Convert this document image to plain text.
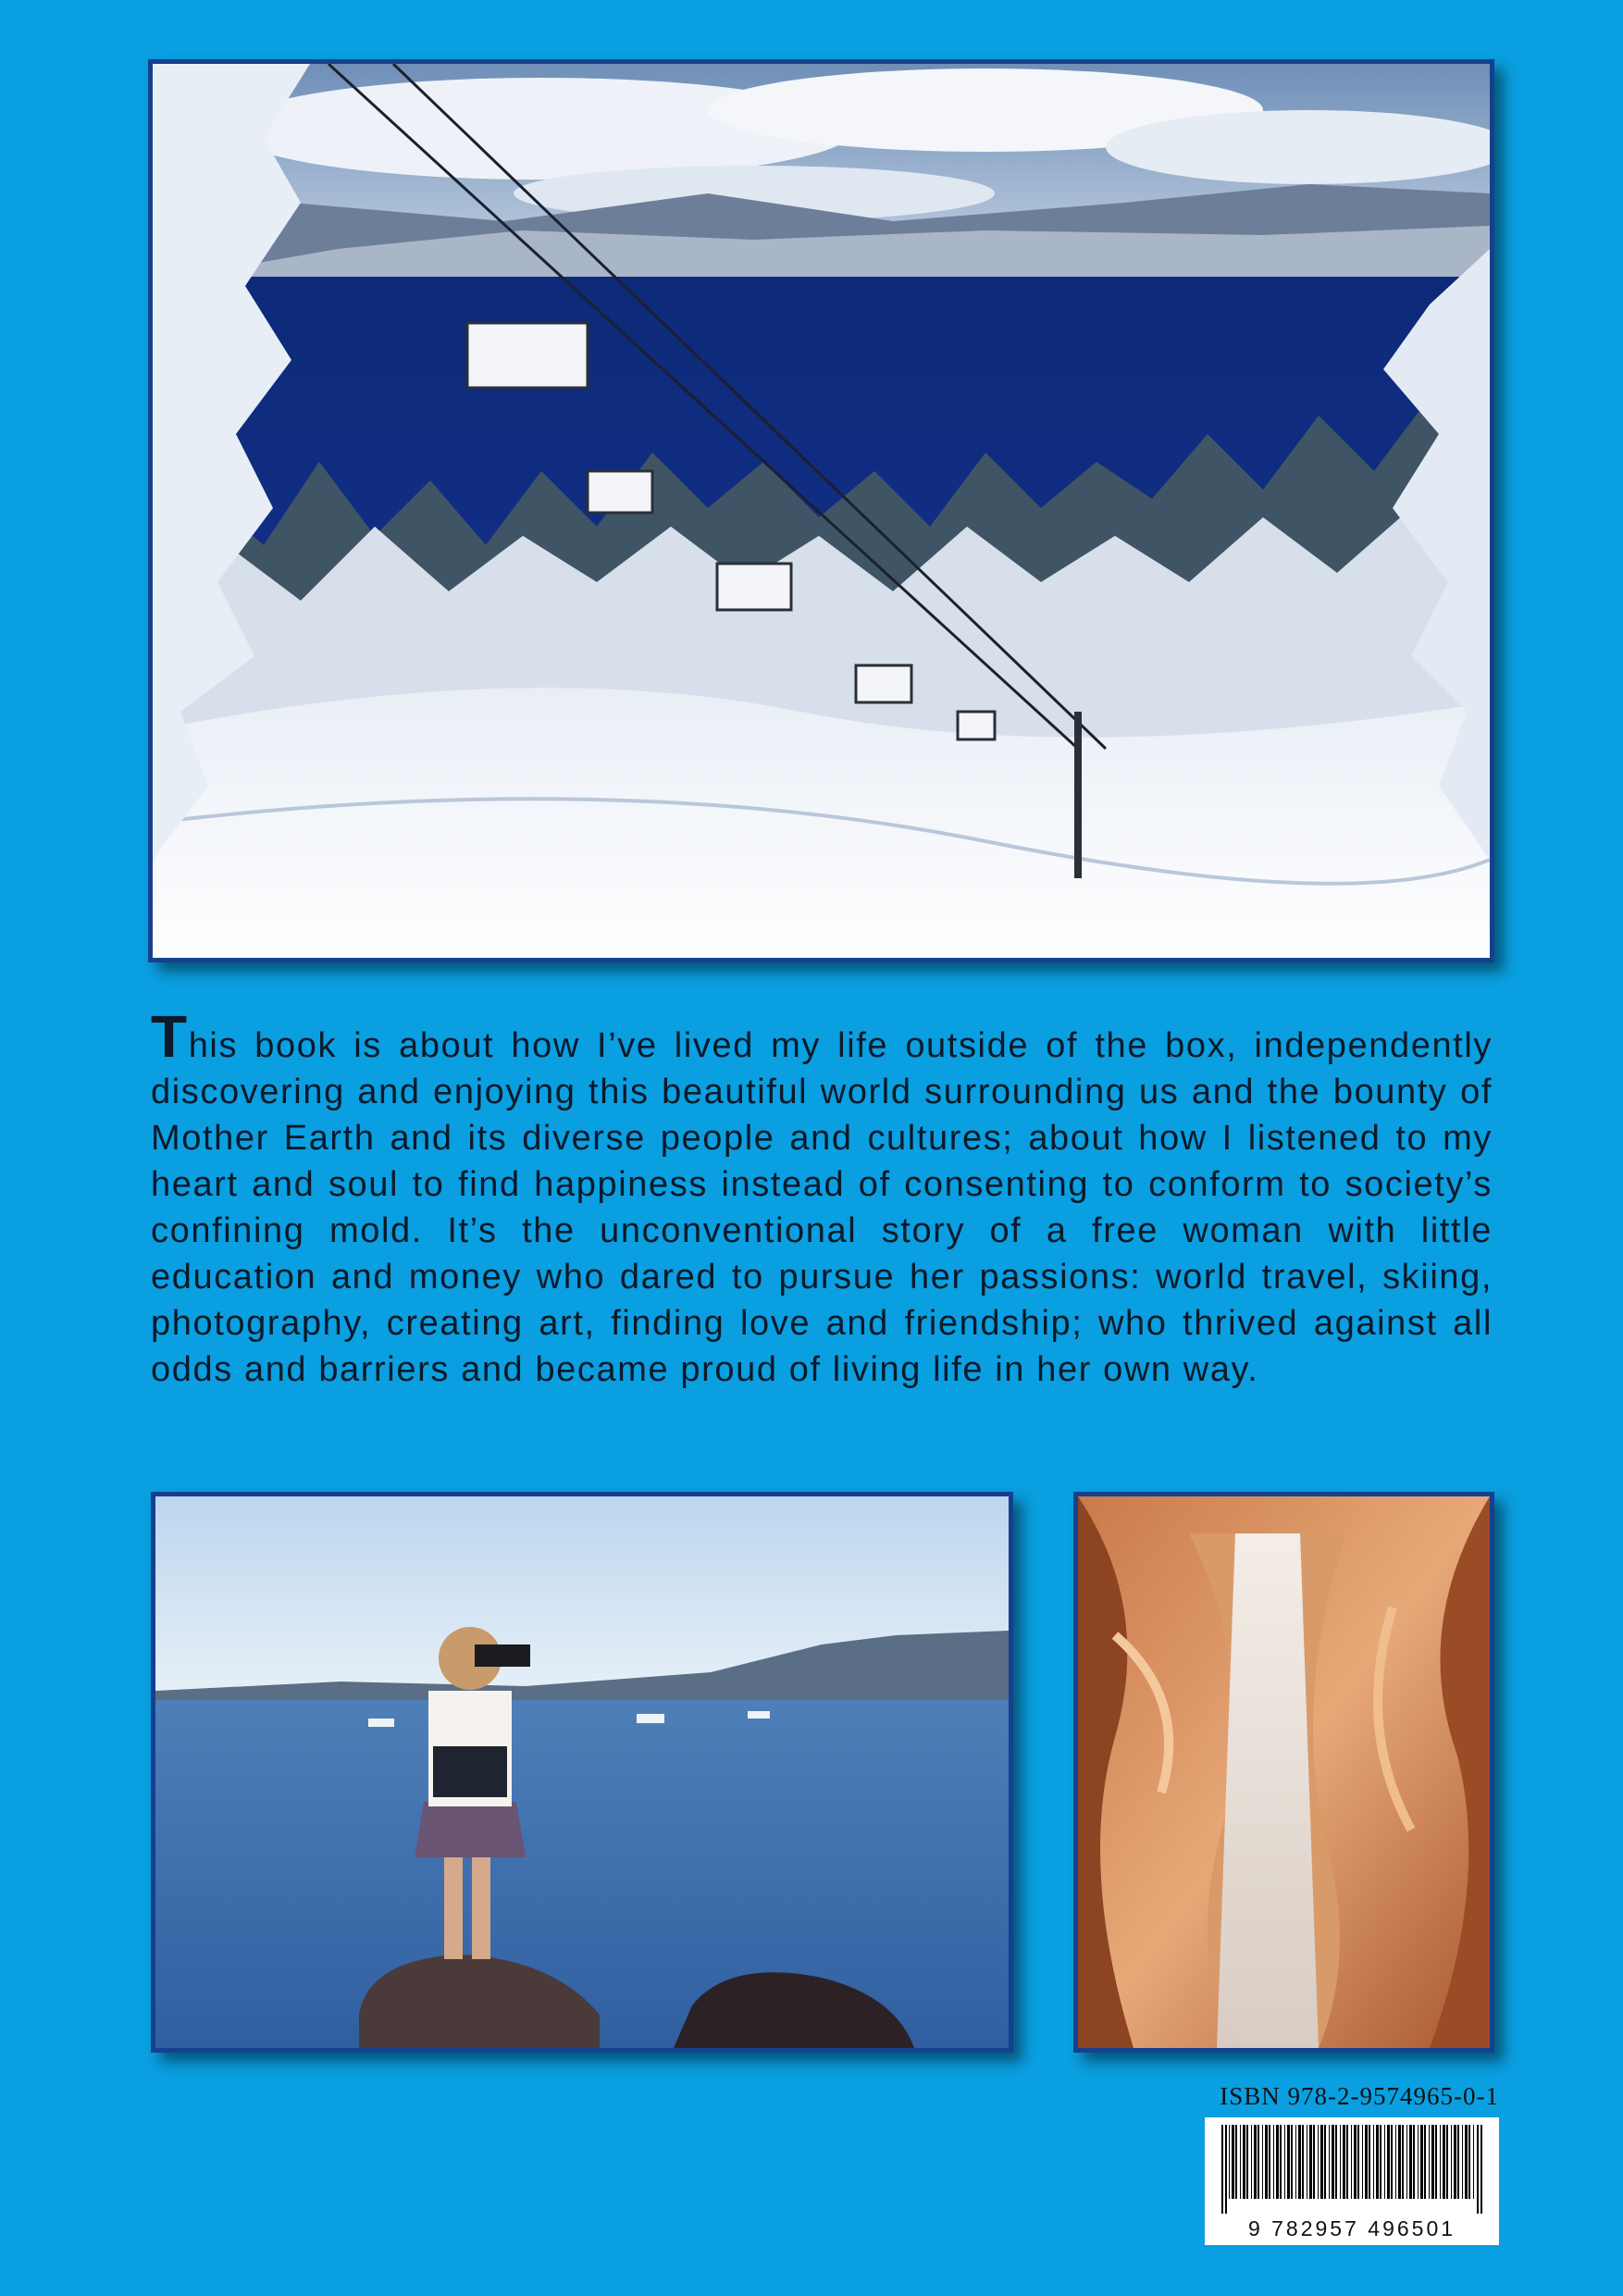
This book is about how I’ve lived my life outside of the box, independently discovering and enjoying this beautiful world surrounding us and the bounty of Mother Earth and its diverse people and cultures; about how I listened to my heart and soul to find happiness instead of consenting to conform to society’s confining mold. It’s the unconventional story of a free woman with little education and money who dared to pursue her passions: world travel, skiing, photography, creating art, finding love and friendship; who thrived against all odds and barriers and became proud of living life in her own way.
ISBN 978-2-9574965-0-1
9 782957 496501
